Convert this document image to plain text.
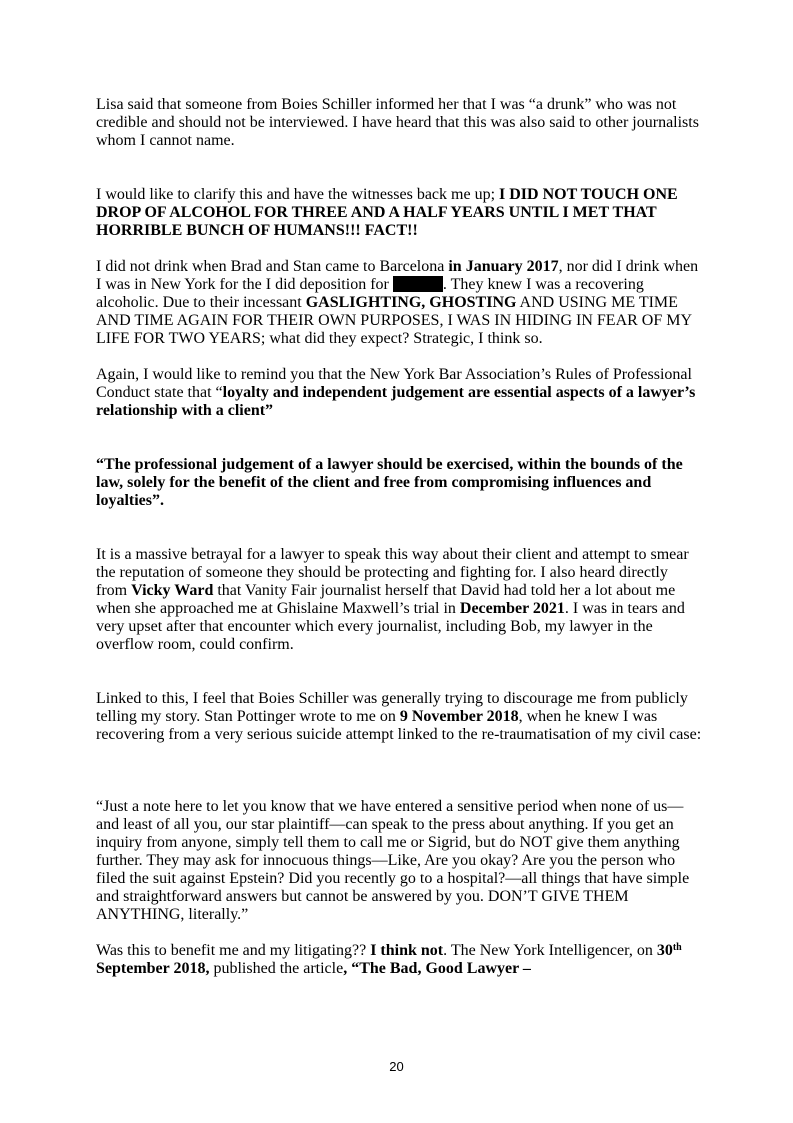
Lisa said that someone from Boies Schiller informed her that I was “a drunk” who was not credible and should not be interviewed. I have heard that this was also said to other journalists whom I cannot name.

I would like to clarify this and have the witnesses back me up; I DID NOT TOUCH ONE DROP OF ALCOHOL FOR THREE AND A HALF YEARS UNTIL I MET THAT HORRIBLE BUNCH OF HUMANS!!! FACT!!

I did not drink when Brad and Stan came to Barcelona in January 2017, nor did I drink when I was in New York for the I did deposition for	. They knew I was a recovering alcoholic. Due to their incessant GASLIGHTING, GHOSTING AND USING ME TIME AND TIME AGAIN FOR THEIR OWN PURPOSES, I WAS IN HIDING IN FEAR OF MY LIFE FOR TWO YEARS; what did they expect? Strategic, I think so.

Again, I would like to remind you that the New York Bar Association’s Rules of Professional Conduct state that “loyalty and independent judgement are essential aspects of a lawyer’s relationship with a client”

“The professional judgement of a lawyer should be exercised, within the bounds of the law, solely for the benefit of the client and free from compromising influences and loyalties”.

It is a massive betrayal for a lawyer to speak this way about their client and attempt to smear the reputation of someone they should be protecting and fighting for. I also heard directly from Vicky Ward that Vanity Fair journalist herself that David had told her a lot about me when she approached me at Ghislaine Maxwell’s trial in December 2021. I was in tears and very upset after that encounter which every journalist, including Bob, my lawyer in the overflow room, could confirm.

Linked to this, I feel that Boies Schiller was generally trying to discourage me from publicly telling my story. Stan Pottinger wrote to me on 9 November 2018, when he knew I was recovering from a very serious suicide attempt linked to the re-traumatisation of my civil case:

“Just a note here to let you know that we have entered a sensitive period when none of us—and least of all you, our star plaintiff—can speak to the press about anything. If you get an inquiry from anyone, simply tell them to call me or Sigrid, but do NOT give them anything further. They may ask for innocuous things—Like, Are you okay? Are you the person who filed the suit against Epstein? Did you recently go to a hospital?—all things that have simple and straightforward answers but cannot be answered by you. DON’T GIVE THEM ANYTHING, literally.”

Was this to benefit me and my litigating?? I think not. The New York Intelligencer, on 30th September 2018, published the article, “The Bad, Good Lawyer –

20
